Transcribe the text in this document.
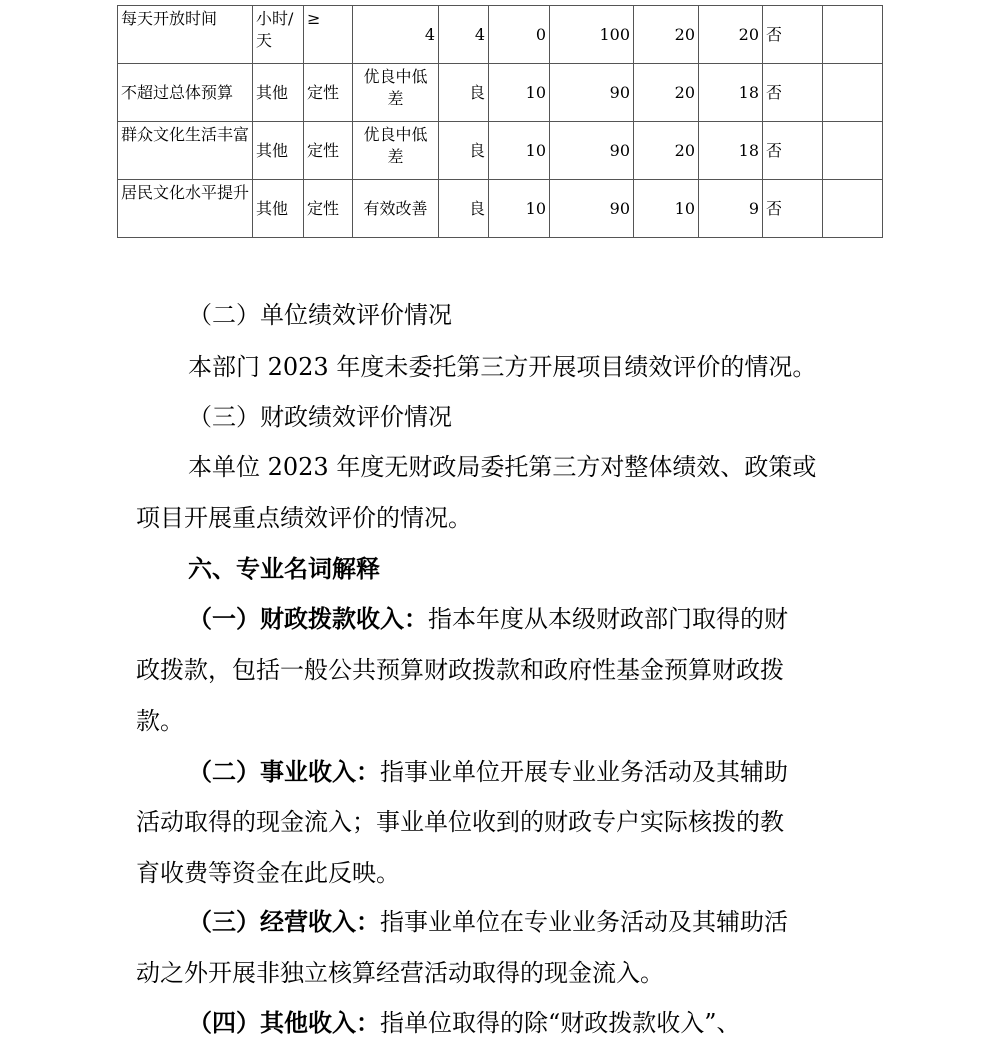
每天开放时间	小时/天	≥	4	4	0	100	20	20	否	
不超过总体预算	其他	定性	优良中低差	良	10	90	20	18	否	
群众文化生活丰富	其他	定性	优良中低差	良	10	90	20	18	否	
居民文化水平提升	其他	定性	有效改善	良	10	90	10	9	否	

（二）单位绩效评价情况

本部门 2023 年度未委托第三方开展项目绩效评价的情况。

（三）财政绩效评价情况

本单位 2023 年度无财政局委托第三方对整体绩效、政策或

项目开展重点绩效评价的情况。

六、专业名词解释

（一）财政拨款收入：指本年度从本级财政部门取得的财

政拨款，包括一般公共预算财政拨款和政府性基金预算财政拨

款。

（二）事业收入：指事业单位开展专业业务活动及其辅助

活动取得的现金流入；事业单位收到的财政专户实际核拨的教

育收费等资金在此反映。

（三）经营收入：指事业单位在专业业务活动及其辅助活

动之外开展非独立核算经营活动取得的现金流入。

（四）其他收入：指单位取得的除“财政拨款收入”、
